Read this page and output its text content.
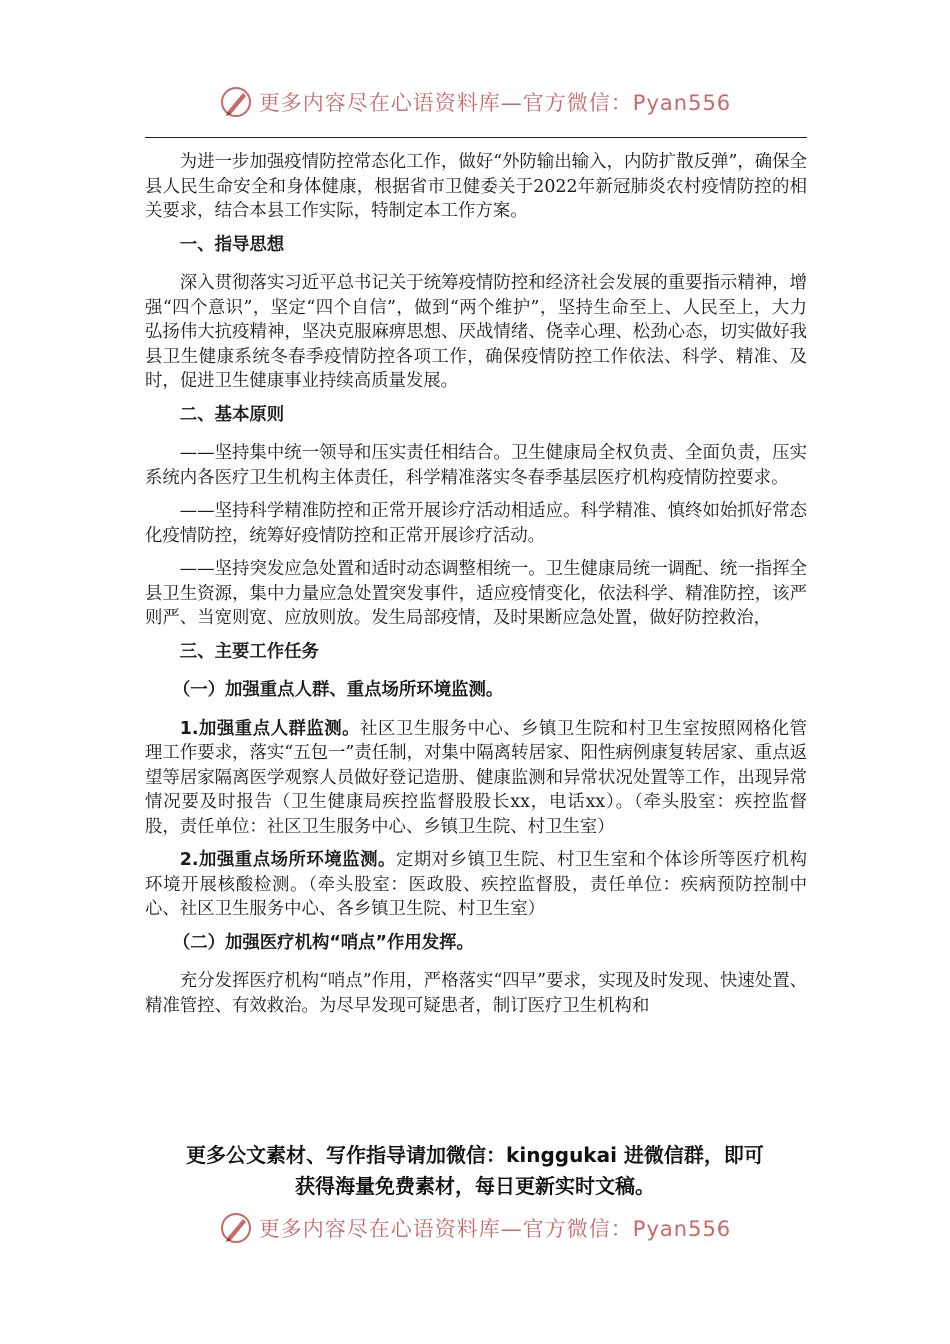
更多内容尽在心语资料库—官方微信：Pyan556

为进一步加强疫情防控常态化工作，做好“外防输出输入，内防扩散反弹”，确保全县人民生命安全和身体健康，根据省市卫健委关于2022年新冠肺炎农村疫情防控的相关要求，结合本县工作实际，特制定本工作方案。

一、指导思想

深入贯彻落实习近平总书记关于统筹疫情防控和经济社会发展的重要指示精神，增强“四个意识”，坚定“四个自信”，做到“两个维护”，坚持生命至上、人民至上，大力弘扬伟大抗疫精神，坚决克服麻痹思想、厌战情绪、侥幸心理、松劲心态，切实做好我县卫生健康系统冬春季疫情防控各项工作，确保疫情防控工作依法、科学、精准、及时，促进卫生健康事业持续高质量发展。

二、基本原则

——坚持集中统一领导和压实责任相结合。卫生健康局全权负责、全面负责，压实系统内各医疗卫生机构主体责任，科学精准落实冬春季基层医疗机构疫情防控要求。

——坚持科学精准防控和正常开展诊疗活动相适应。科学精准、慎终如始抓好常态化疫情防控，统筹好疫情防控和正常开展诊疗活动。

——坚持突发应急处置和适时动态调整相统一。卫生健康局统一调配、统一指挥全县卫生资源，集中力量应急处置突发事件，适应疫情变化，依法科学、精准防控，该严则严、当宽则宽、应放则放。发生局部疫情，及时果断应急处置，做好防控救治，

三、主要工作任务

（一）加强重点人群、重点场所环境监测。

1.加强重点人群监测。社区卫生服务中心、乡镇卫生院和村卫生室按照网格化管理工作要求，落实“五包一”责任制，对集中隔离转居家、阳性病例康复转居家、重点返望等居家隔离医学观察人员做好登记造册、健康监测和异常状况处置等工作，出现异常情况要及时报告（卫生健康局疾控监督股股长xx，电话xx）。（牵头股室：疾控监督股，责任单位：社区卫生服务中心、乡镇卫生院、村卫生室）

2.加强重点场所环境监测。定期对乡镇卫生院、村卫生室和个体诊所等医疗机构环境开展核酸检测。（牵头股室：医政股、疾控监督股，责任单位：疾病预防控制中心、社区卫生服务中心、各乡镇卫生院、村卫生室）

（二）加强医疗机构“哨点”作用发挥。

充分发挥医疗机构“哨点”作用，严格落实“四早”要求，实现及时发现、快速处置、精准管控、有效救治。为尽早发现可疑患者，制订医疗卫生机构和

更多公文素材、写作指导请加微信：kinggukai 进微信群，即可
获得海量免费素材，每日更新实时文稿。
更多内容尽在心语资料库—官方微信：Pyan556
